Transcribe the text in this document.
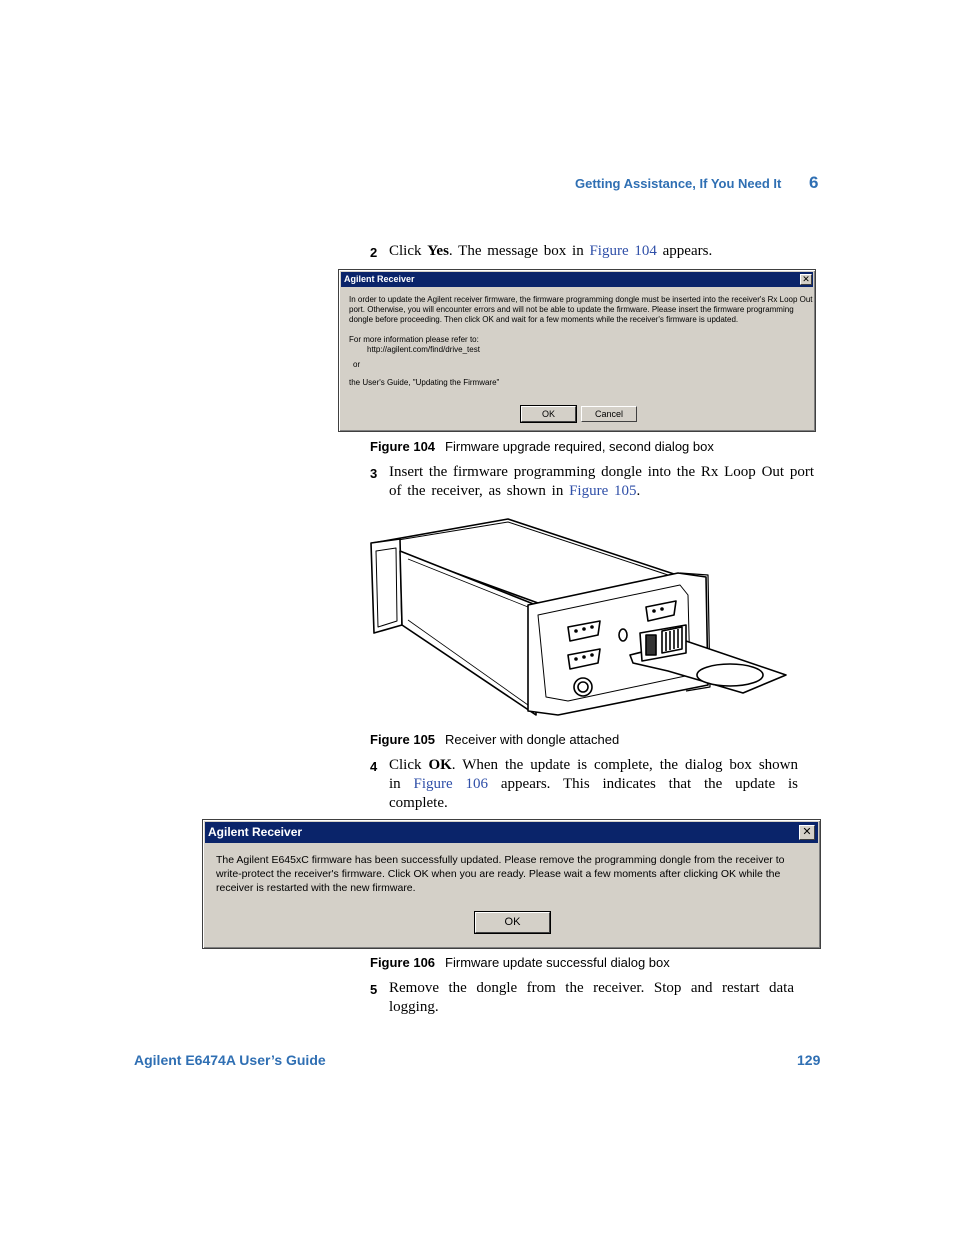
Getting Assistance, If You Need It 6
2 Click Yes. The message box in Figure 104 appears.
Agilent Receiver	✕
In order to update the Agilent receiver firmware, the firmware programming dongle must be inserted into the receiver's Rx Loop Out
port. Otherwise, you will encounter errors and will not be able to update the firmware. Please insert the firmware programming
dongle before proceeding. Then click OK and wait for a few moments while the receiver's firmware is updated.
For more information please refer to:
http://agilent.com/find/drive_test
or
the User's Guide, "Updating the Firmware"
OK	Cancel
Figure 104 Firmware upgrade required, second dialog box
3 Insert the firmware programming dongle into the Rx Loop Out port of the receiver, as shown in Figure 105.
Figure 105 Receiver with dongle attached
4 Click OK. When the update is complete, the dialog box shown in Figure 106 appears. This indicates that the update is complete.
Agilent Receiver	✕
The Agilent E645xC firmware has been successfully updated. Please remove the programming dongle from the receiver to
write-protect the receiver's firmware. Click OK when you are ready. Please wait a few moments after clicking OK while the
receiver is restarted with the new firmware.
OK
Figure 106 Firmware update successful dialog box
5 Remove the dongle from the receiver. Stop and restart data logging.
Agilent E6474A User’s Guide	129
